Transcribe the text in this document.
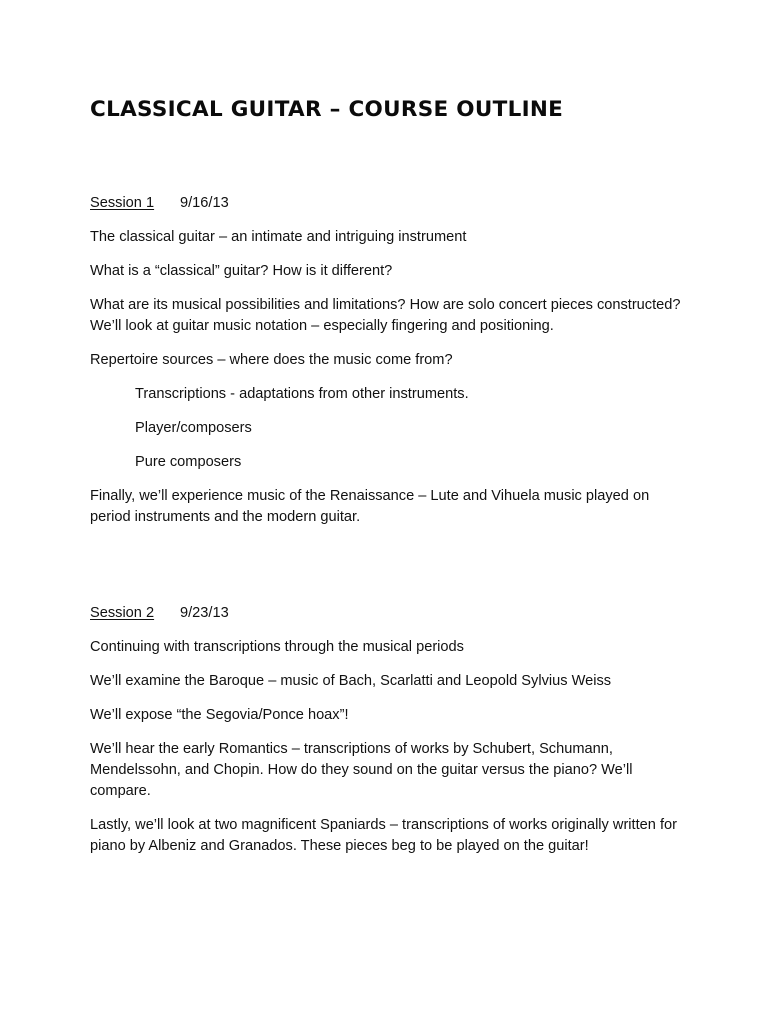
CLASSICAL GUITAR – COURSE OUTLINE
Session 1 9/16/13

The classical guitar – an intimate and intriguing instrument

What is a “classical” guitar? How is it different?

What are its musical possibilities and limitations? How are solo concert pieces constructed? We’ll look at guitar music notation – especially fingering and positioning.

Repertoire sources – where does the music come from?

Transcriptions - adaptations from other instruments.

Player/composers

Pure composers

Finally, we’ll experience music of the Renaissance – Lute and Vihuela music played on period instruments and the modern guitar.

Session 2 9/23/13

Continuing with transcriptions through the musical periods

We’ll examine the Baroque – music of Bach, Scarlatti and Leopold Sylvius Weiss

We’ll expose “the Segovia/Ponce hoax”!

We’ll hear the early Romantics – transcriptions of works by Schubert, Schumann, Mendelssohn, and Chopin. How do they sound on the guitar versus the piano? We’ll compare.

Lastly, we’ll look at two magnificent Spaniards – transcriptions of works originally written for piano by Albeniz and Granados. These pieces beg to be played on the guitar!
